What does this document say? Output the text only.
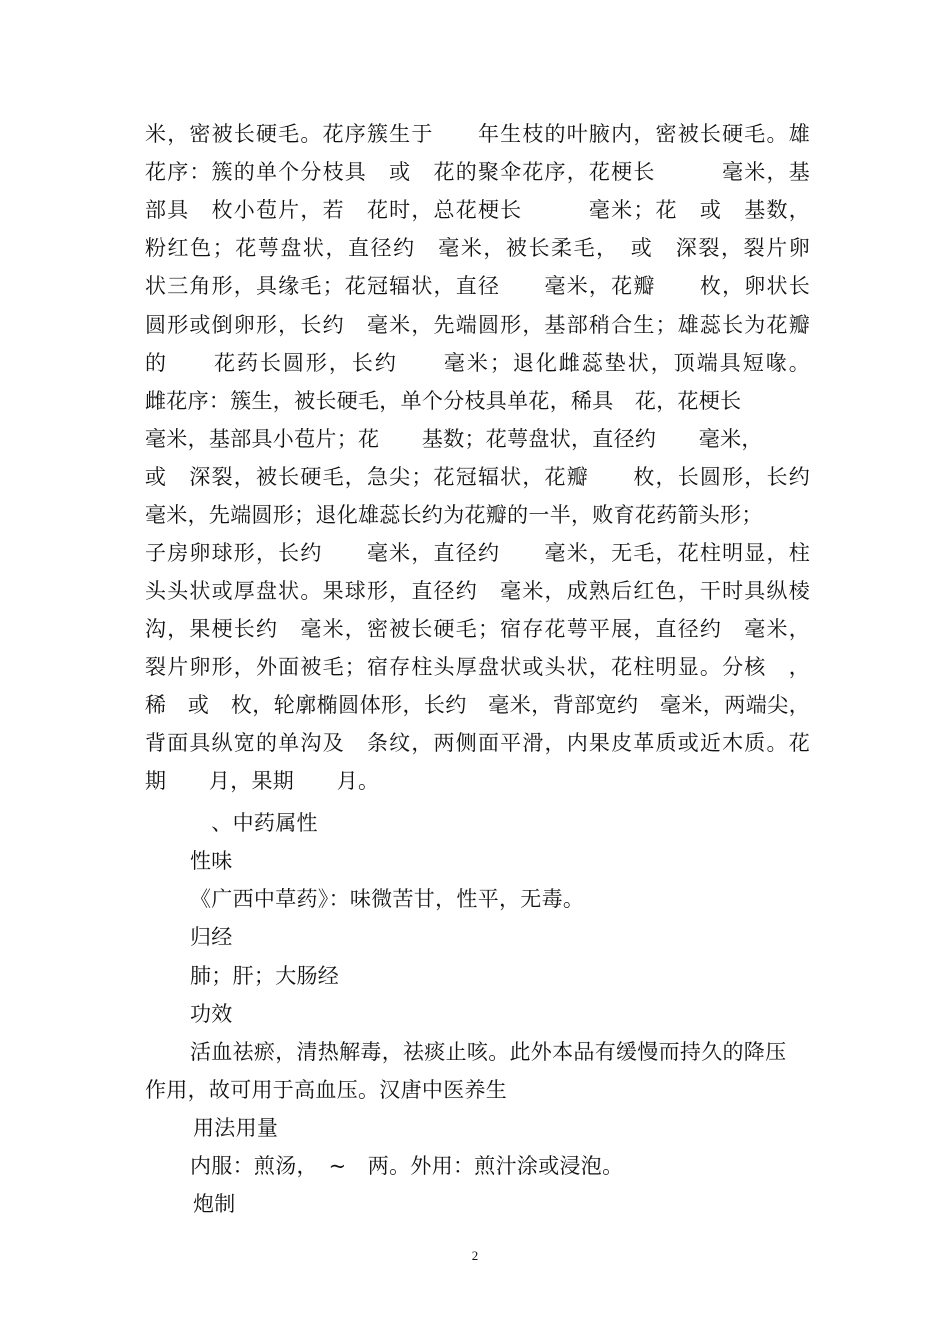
米，密被长硬毛。花序簇生于　　年生枝的叶腋内，密被长硬毛。雄
花序：簇的单个分枝具　或　花的聚伞花序，花梗长　　　毫米，基
部具　枚小苞片，若　花时，总花梗长　　　毫米；花　或　基数，
粉红色；花萼盘状，直径约　毫米，被长柔毛，　或　深裂，裂片卵
状三角形，具缘毛；花冠辐状，直径　　毫米，花瓣　　枚，卵状长
圆形或倒卵形，长约　毫米，先端圆形，基部稍合生；雄蕊长为花瓣
的　　花药长圆形，长约　　毫米；退化雌蕊垫状，顶端具短喙。
雌花序：簇生，被长硬毛，单个分枝具单花，稀具　花，花梗长
毫米，基部具小苞片；花　　基数；花萼盘状，直径约　　毫米，
或　深裂，被长硬毛，急尖；花冠辐状，花瓣　　枚，长圆形，长约
毫米，先端圆形；退化雄蕊长约为花瓣的一半，败育花药箭头形；
子房卵球形，长约　　毫米，直径约　　毫米，无毛，花柱明显，柱
头头状或厚盘状。果球形，直径约　毫米，成熟后红色，干时具纵棱
沟，果梗长约　毫米，密被长硬毛；宿存花萼平展，直径约　毫米，
裂片卵形，外面被毛；宿存柱头厚盘状或头状，花柱明显。分核　，
稀　或　枚，轮廓椭圆体形，长约　毫米，背部宽约　毫米，两端尖，
背面具纵宽的单沟及　条纹，两侧面平滑，内果皮革质或近木质。花
期　　月，果期　　月。
　、中药属性
性味
《广西中草药》：味微苦甘，性平，无毒。
归经
肺；肝；大肠经
功效
活血祛瘀，清热解毒，祛痰止咳。此外本品有缓慢而持久的降压
作用，故可用于高血压。汉唐中医养生
用法用量
内服：煎汤，　~　两。外用：煎汁涂或浸泡。
炮制
2
